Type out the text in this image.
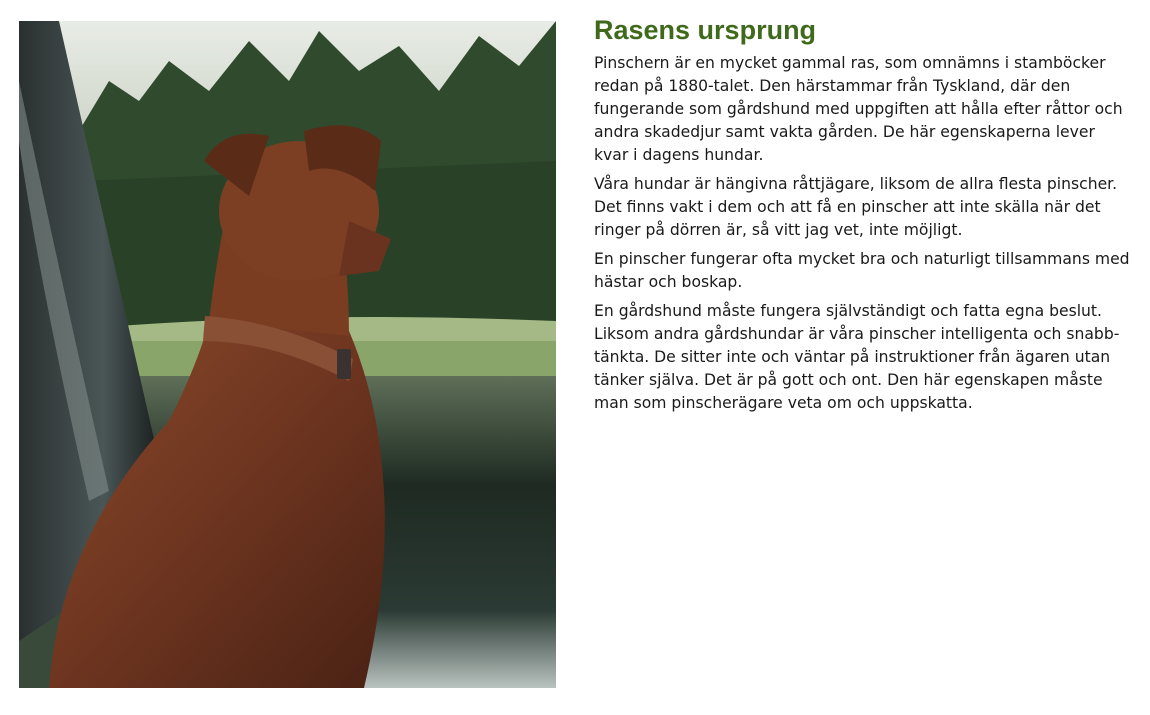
Rasens ursprung

Pinschern är en mycket gammal ras, som omnämns i stamböcker redan på 1880-talet. Den härstammar från Tyskland, där den fungerande som gårdshund med uppgiften att hålla efter råttor och andra skadedjur samt vakta gården. De här egenskaperna lever kvar i dagens hundar.

Våra hundar är hängivna råttjägare, liksom de allra flesta pinscher. Det finns vakt i dem och att få en pinscher att inte skälla när det ringer på dörren är, så vitt jag vet, inte möjligt.

En pinscher fungerar ofta mycket bra och naturligt tillsammans med hästar och boskap.

En gårdshund måste fungera självständigt och fatta egna beslut. Liksom andra gårdshundar är våra pinscher intelligenta och snabb-tänkta. De sitter inte och väntar på instruktioner från ägaren utan tänker själva. Det är på gott och ont. Den här egenskapen måste man som pinscherägare veta om och uppskatta.
